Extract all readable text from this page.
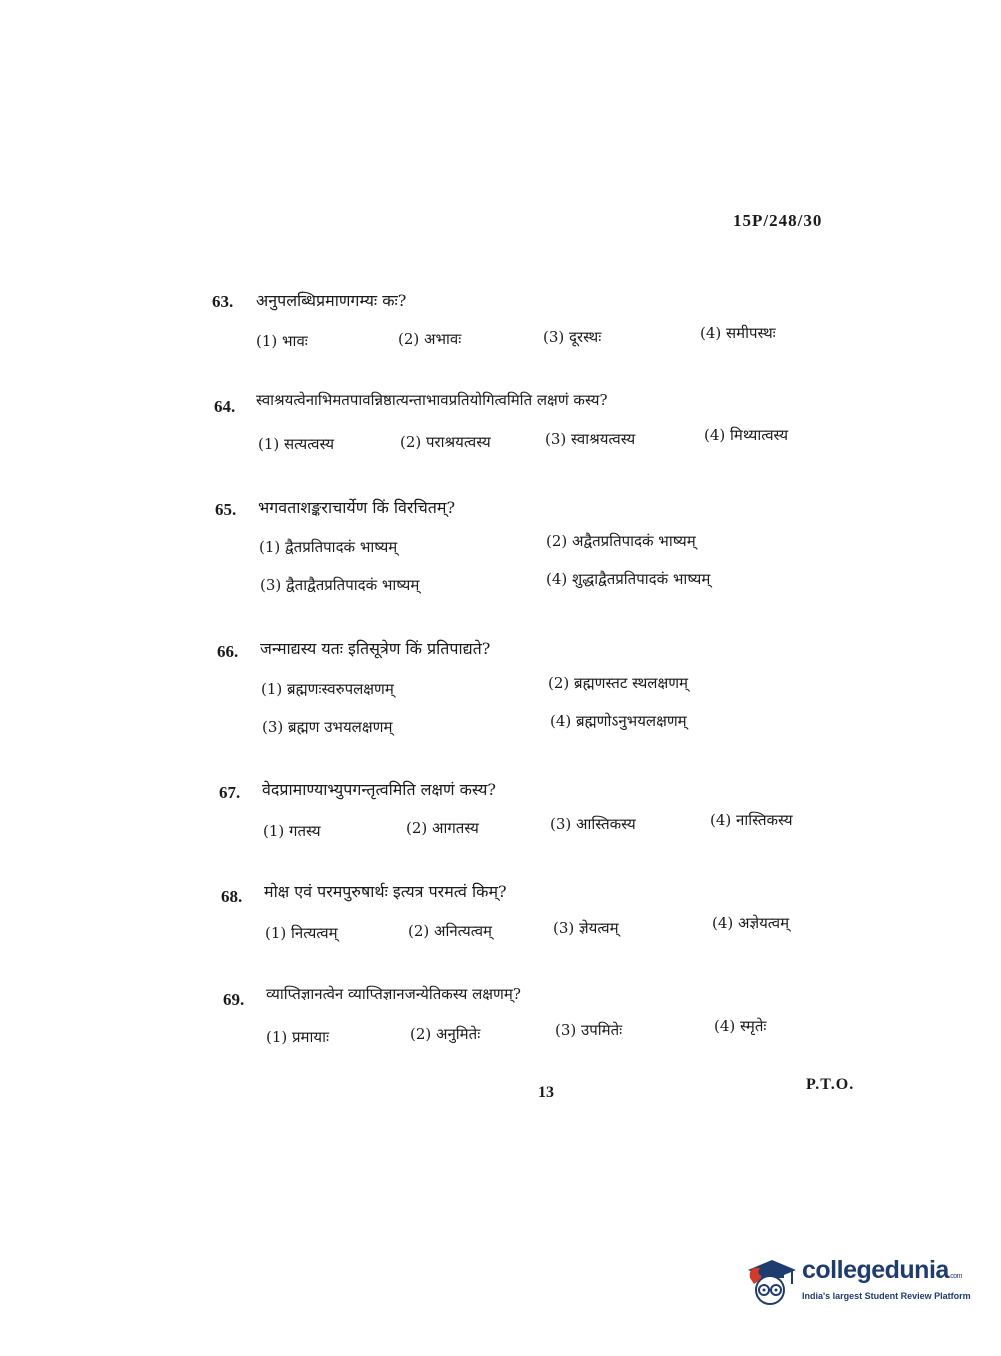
15P/248/30
63. अनुपलब्धिप्रमाणगम्यः कः?
(1) भावः	(2) अभावः	(3) दूरस्थः	(4) समीपस्थः
64. स्वाश्रयत्वेनाभिमतपावन्निष्ठात्यन्ताभावप्रतियोगित्वमिति लक्षणं कस्य?
(1) सत्यत्वस्य	(2) पराश्रयत्वस्य	(3) स्वाश्रयत्वस्य	(4) मिथ्यात्वस्य
65. भगवताशङ्कराचार्येण किं विरचितम्?
(1) द्वैतप्रतिपादकं भाष्यम्	(2) अद्वैतप्रतिपादकं भाष्यम्
(3) द्वैताद्वैतप्रतिपादकं भाष्यम्	(4) शुद्धाद्वैतप्रतिपादकं भाष्यम्
66. जन्माद्यस्य यतः इतिसूत्रेण किं प्रतिपाद्यते?
(1) ब्रह्मणःस्वरुपलक्षणम्	(2) ब्रह्मणस्तट स्थलक्षणम्
(3) ब्रह्मण उभयलक्षणम्	(4) ब्रह्मणोऽनुभयलक्षणम्
67. वेदप्रामाण्याभ्युपगन्तृत्वमिति लक्षणं कस्य?
(1) गतस्य	(2) आगतस्य	(3) आस्तिकस्य	(4) नास्तिकस्य
68. मोक्ष एवं परमपुरुषार्थः इत्यत्र परमत्वं किम्?
(1) नित्यत्वम्	(2) अनित्यत्वम्	(3) ज्ञेयत्वम्	(4) अज्ञेयत्वम्
69. व्याप्तिज्ञानत्वेन व्याप्तिज्ञानजन्येतिकस्य लक्षणम्?
(1) प्रमायाः	(2) अनुमितेः	(3) उपमितेः	(4) स्मृतेः
13	P.T.O.
collegedunia.com
India's largest Student Review Platform
